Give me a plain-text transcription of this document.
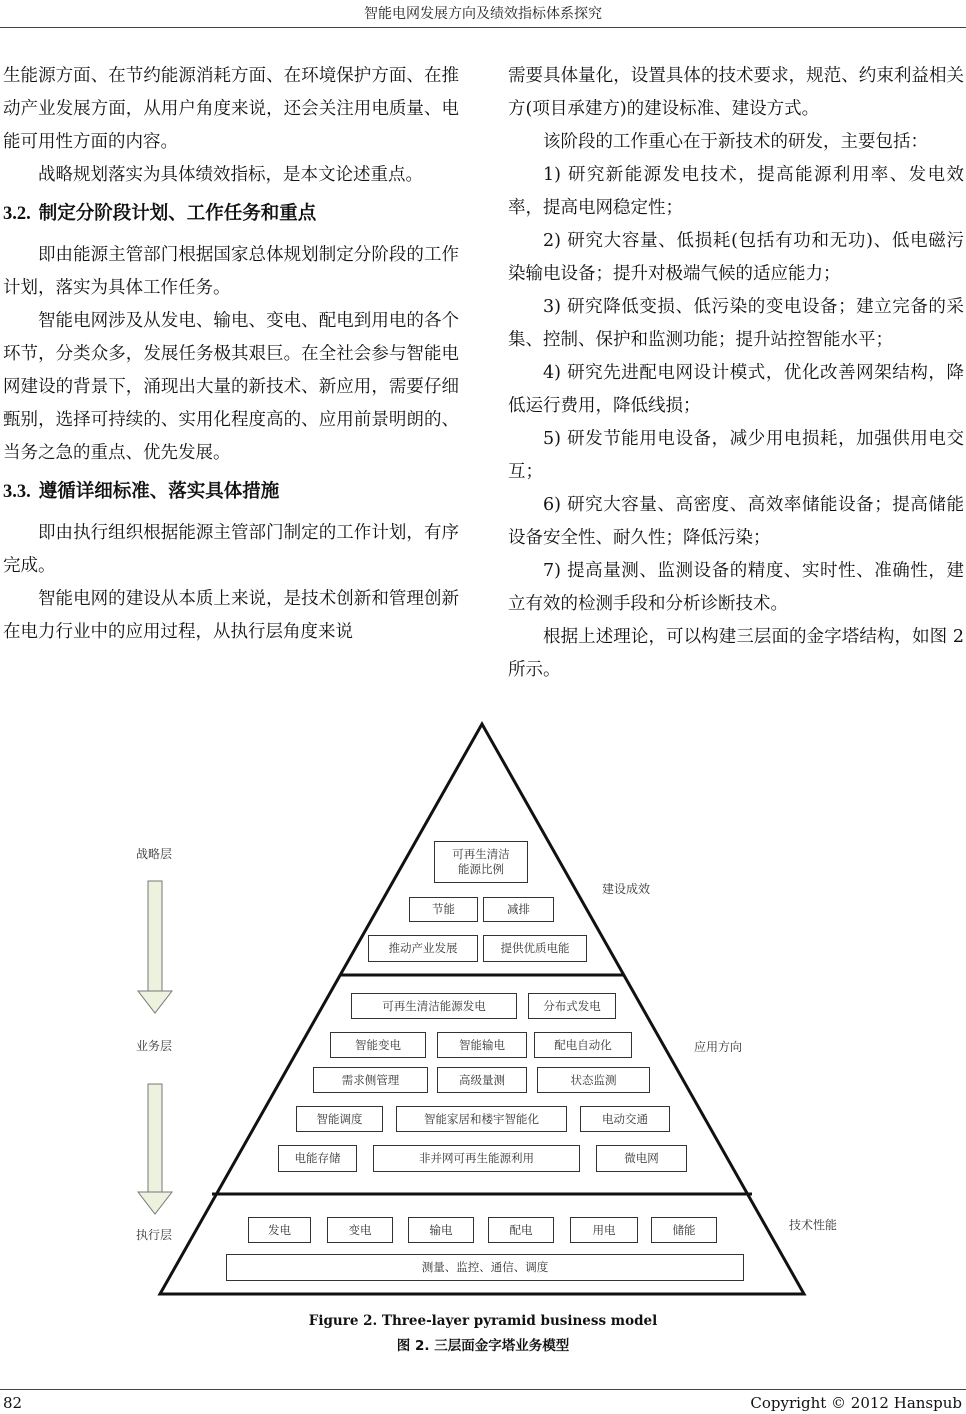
智能电网发展方向及绩效指标体系探究

生能源方面、在节约能源消耗方面、在环境保护方面、在推动产业发展方面，从用户角度来说，还会关注用电质量、电能可用性方面的内容。

战略规划落实为具体绩效指标，是本文论述重点。

3.2. 制定分阶段计划、工作任务和重点

即由能源主管部门根据国家总体规划制定分阶段的工作计划，落实为具体工作任务。

智能电网涉及从发电、输电、变电、配电到用电的各个环节，分类众多，发展任务极其艰巨。在全社会参与智能电网建设的背景下，涌现出大量的新技术、新应用，需要仔细甄别，选择可持续的、实用化程度高的、应用前景明朗的、当务之急的重点、优先发展。

3.3. 遵循详细标准、落实具体措施

即由执行组织根据能源主管部门制定的工作计划，有序完成。

智能电网的建设从本质上来说，是技术创新和管理创新在电力行业中的应用过程，从执行层角度来说

需要具体量化，设置具体的技术要求，规范、约束利益相关方(项目承建方)的建设标准、建设方式。

该阶段的工作重心在于新技术的研发，主要包括：

1) 研究新能源发电技术，提高能源利用率、发电效率，提高电网稳定性；

2) 研究大容量、低损耗(包括有功和无功)、低电磁污染输电设备；提升对极端气候的适应能力；

3) 研究降低变损、低污染的变电设备；建立完备的采集、控制、保护和监测功能；提升站控智能水平；

4) 研究先进配电网设计模式，优化改善网架结构，降低运行费用，降低线损；

5) 研发节能用电设备，减少用电损耗，加强供用电交互；

6) 研究大容量、高密度、高效率储能设备；提高储能设备安全性、耐久性；降低污染；

7) 提高量测、监测设备的精度、实时性、准确性，建立有效的检测手段和分析诊断技术。

根据上述理论，可以构建三层面的金字塔结构，如图 2 所示。

战略层
业务层
执行层
建设成效
应用方向
技术性能
可再生清洁
能源比例
节能	减排
推动产业发展	提供优质电能
可再生清洁能源发电	分布式发电
智能变电	智能输电	配电自动化
需求侧管理	高级量测	状态监测
智能调度	智能家居和楼宇智能化	电动交通
电能存储	非并网可再生能源利用	微电网
发电	变电	输电	配电	用电	储能
测量、监控、通信、调度
Figure 2. Three-layer pyramid business model
图 2. 三层面金字塔业务模型
82	Copyright © 2012 Hanspub
